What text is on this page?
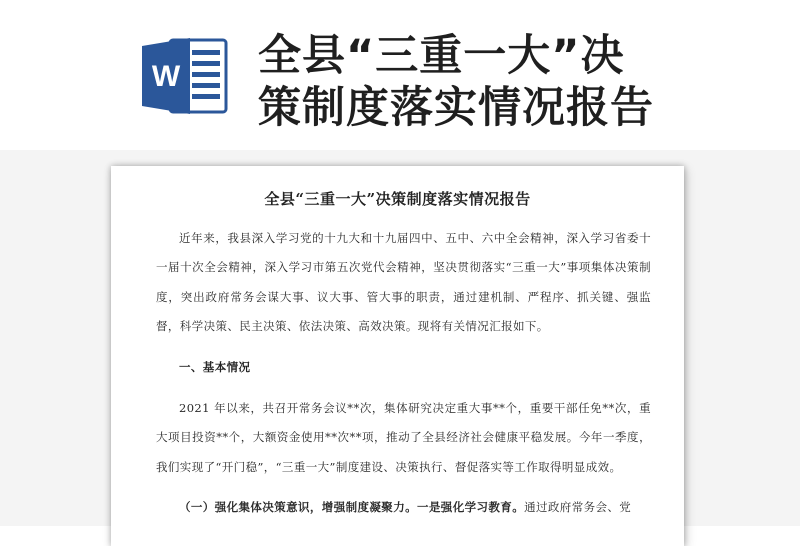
W 全县“三重一大”决
策制度落实情况报告
全县“三重一大”决策制度落实情况报告
近年来，我县深入学习党的十九大和十九届四中、五中、六中全会精神，深入学习省委十一届十次全会精神，深入学习市第五次党代会精神，坚决贯彻落实“三重一大”事项集体决策制度，突出政府常务会谋大事、议大事、管大事的职责，通过建机制、严程序、抓关键、强监督，科学决策、民主决策、依法决策、高效决策。现将有关情况汇报如下。
一、基本情况
2021 年以来，共召开常务会议**次，集体研究决定重大事**个，重要干部任免**次，重大项目投资**个，大额资金使用**次**项，推动了全县经济社会健康平稳发展。今年一季度，我们实现了“开门稳”，“三重一大”制度建设、决策执行、督促落实等工作取得明显成效。
（一）强化集体决策意识，增强制度凝聚力。一是强化学习教育。通过政府常务会、党
